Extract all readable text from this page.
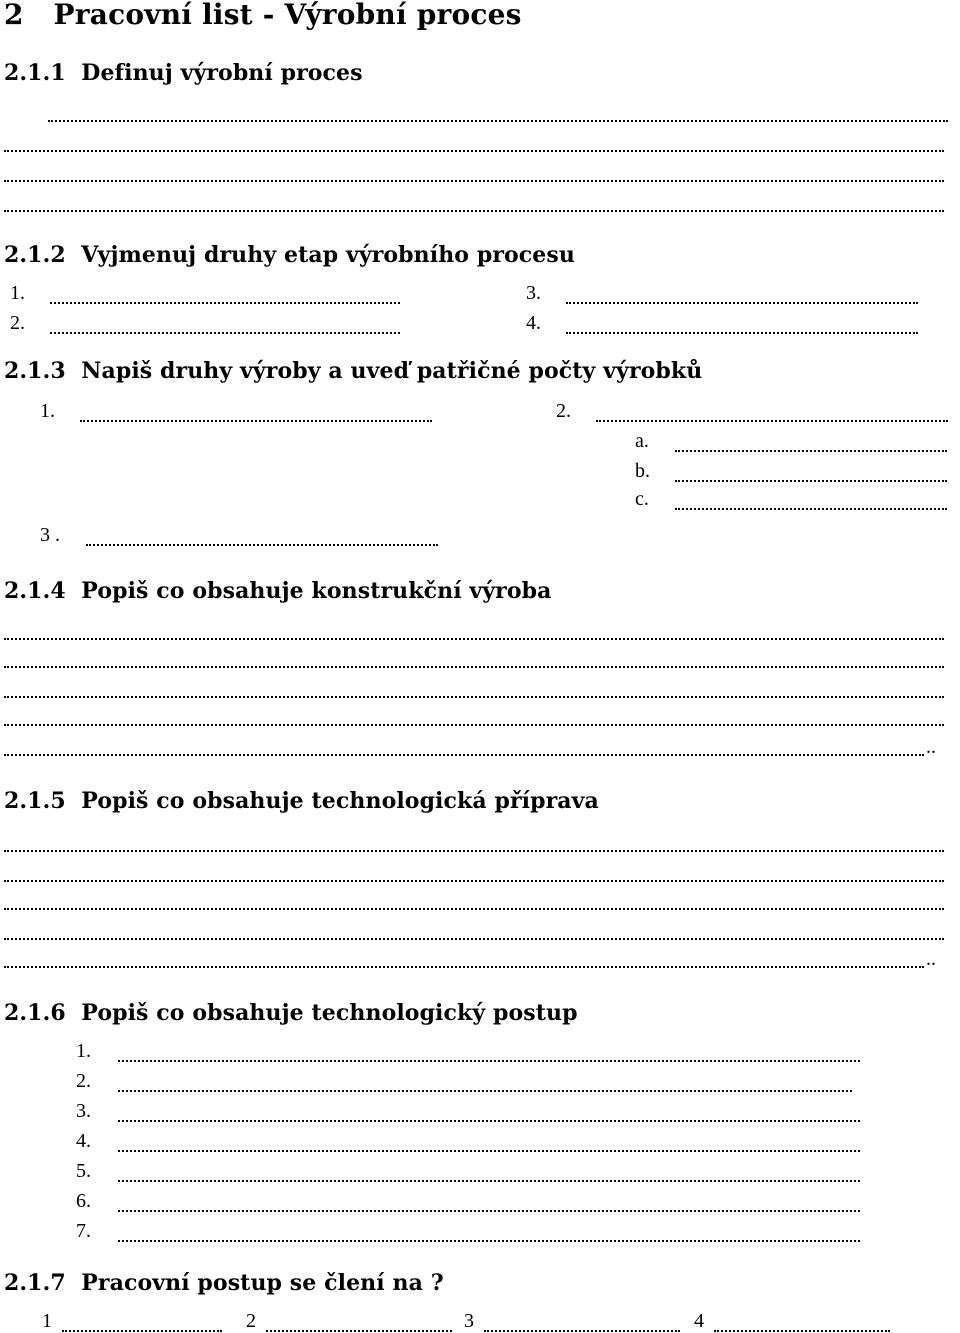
2 Pracovní list - Výrobní proces
2.1.1 Definuj výrobní proces
2.1.2 Vyjmenuj druhy etap výrobního procesu
1.
2.
3.
4.
2.1.3 Napiš druhy výroby a uveď patřičné počty výrobků
1.	2.
a.
b.
c.
3 .
2.1.4 Popiš co obsahuje konstrukční výroba
..
2.1.5 Popiš co obsahuje technologická příprava
..
2.1.6 Popiš co obsahuje technologický postup
1.
2.
3.
4.
5.
6.
7.
2.1.7 Pracovní postup se člení na ?
1	2	3	4
